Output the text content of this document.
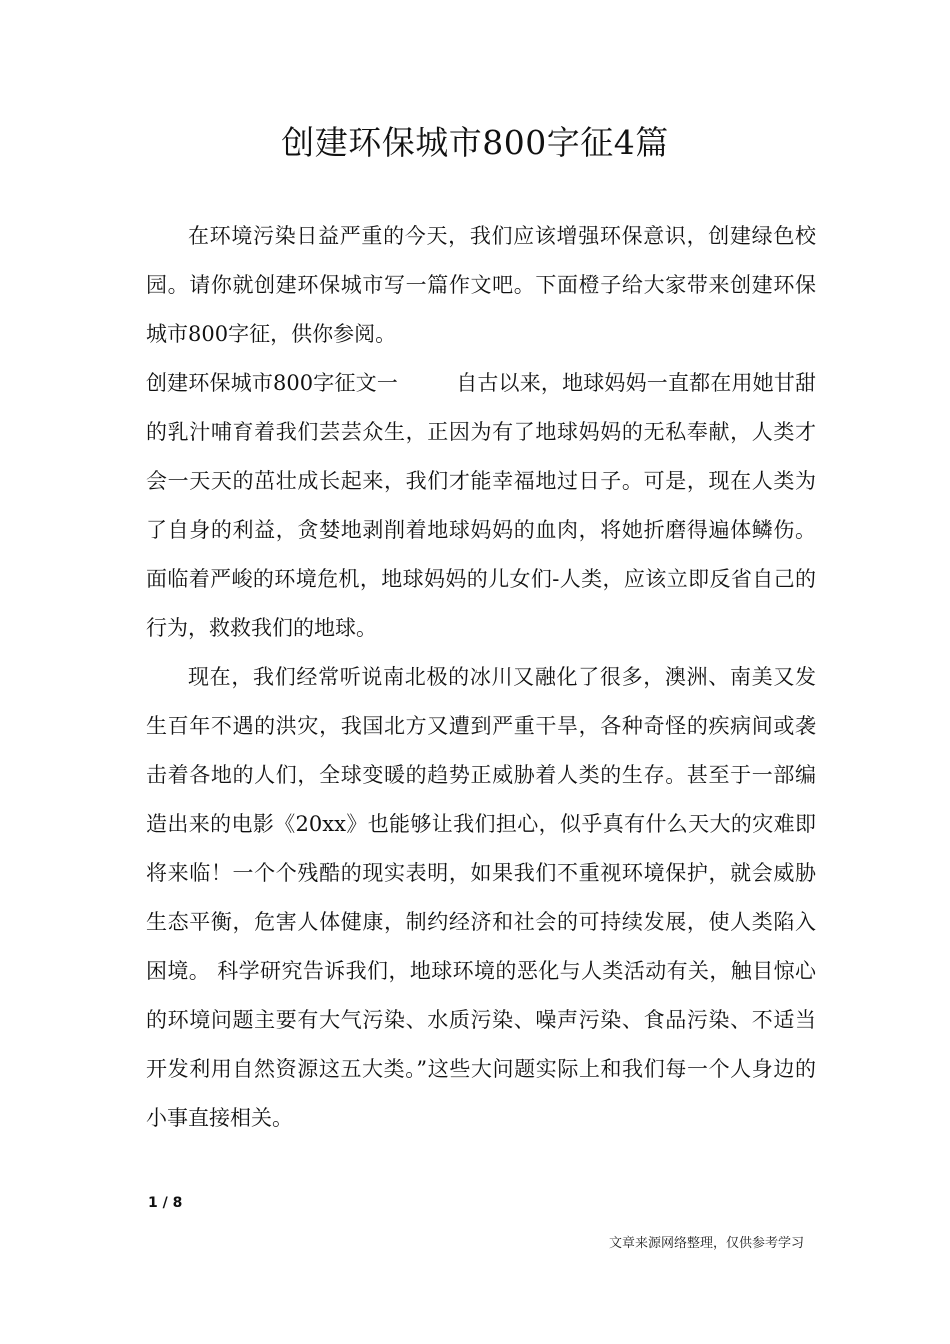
创建环保城市800字征4篇

在环境污染日益严重的今天，我们应该增强环保意识，创建绿色校园。请你就创建环保城市写一篇作文吧。下面橙子给大家带来创建环保城市800字征，供你参阅。

创建环保城市800字征文一	自古以来，地球妈妈一直都在用她甘甜的乳汁哺育着我们芸芸众生，正因为有了地球妈妈的无私奉献，人类才会一天天的茁壮成长起来，我们才能幸福地过日子。可是，现在人类为了自身的利益，贪婪地剥削着地球妈妈的血肉，将她折磨得遍体鳞伤。面临着严峻的环境危机，地球妈妈的儿女们-人类，应该立即反省自己的行为，救救我们的地球。

现在，我们经常听说南北极的冰川又融化了很多，澳洲、南美又发生百年不遇的洪灾，我国北方又遭到严重干旱，各种奇怪的疾病间或袭击着各地的人们，全球变暖的趋势正威胁着人类的生存。甚至于一部编造出来的电影《20xx》也能够让我们担心，似乎真有什么天大的灾难即将来临！一个个残酷的现实表明，如果我们不重视环境保护，就会威胁生态平衡，危害人体健康，制约经济和社会的可持续发展，使人类陷入困境。 科学研究告诉我们，地球环境的恶化与人类活动有关，触目惊心的环境问题主要有大气污染、水质污染、噪声污染、食品污染、不适当开发利用自然资源这五大类。”这些大问题实际上和我们每一个人身边的小事直接相关。

1 / 8
文章来源网络整理，仅供参考学习
